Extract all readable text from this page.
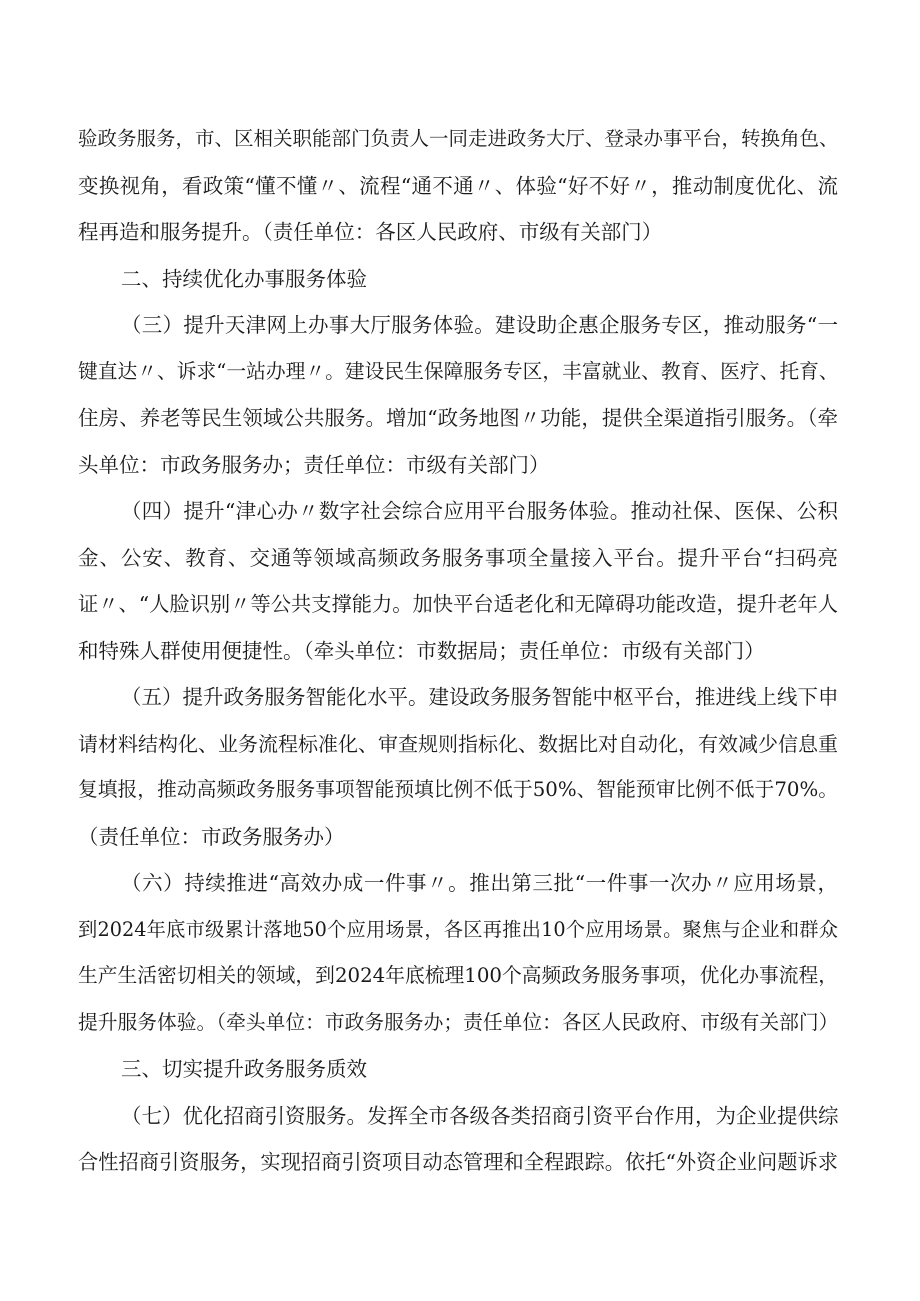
验政务服务，市、区相关职能部门负责人一同走进政务大厅、登录办事平台，转换角色、
变换视角，看政策“懂不懂〃、流程“通不通〃、体验“好不好〃，推动制度优化、流
程再造和服务提升。（责任单位：各区人民政府、市级有关部门）
二、持续优化办事服务体验
（三）提升天津网上办事大厅服务体验。建设助企惠企服务专区，推动服务“一
键直达〃、诉求“一站办理〃。建设民生保障服务专区，丰富就业、教育、医疗、托育、
住房、养老等民生领域公共服务。增加“政务地图〃功能，提供全渠道指引服务。（牵
头单位：市政务服务办；责任单位：市级有关部门）
（四）提升“津心办〃数字社会综合应用平台服务体验。推动社保、医保、公积
金、公安、教育、交通等领域高频政务服务事项全量接入平台。提升平台“扫码亮
证〃、“人脸识别〃等公共支撑能力。加快平台适老化和无障碍功能改造，提升老年人
和特殊人群使用便捷性。（牵头单位：市数据局；责任单位：市级有关部门）
（五）提升政务服务智能化水平。建设政务服务智能中枢平台，推进线上线下申
请材料结构化、业务流程标准化、审查规则指标化、数据比对自动化，有效减少信息重
复填报，推动高频政务服务事项智能预填比例不低于50%、智能预审比例不低于70%。
（责任单位：市政务服务办）
（六）持续推进“高效办成一件事〃。推出第三批“一件事一次办〃应用场景，
到2024年底市级累计落地50个应用场景，各区再推出10个应用场景。聚焦与企业和群众
生产生活密切相关的领域，到2024年底梳理100个高频政务服务事项，优化办事流程，
提升服务体验。（牵头单位：市政务服务办；责任单位：各区人民政府、市级有关部门）
三、切实提升政务服务质效
（七）优化招商引资服务。发挥全市各级各类招商引资平台作用，为企业提供综
合性招商引资服务，实现招商引资项目动态管理和全程跟踪。依托“外资企业问题诉求
